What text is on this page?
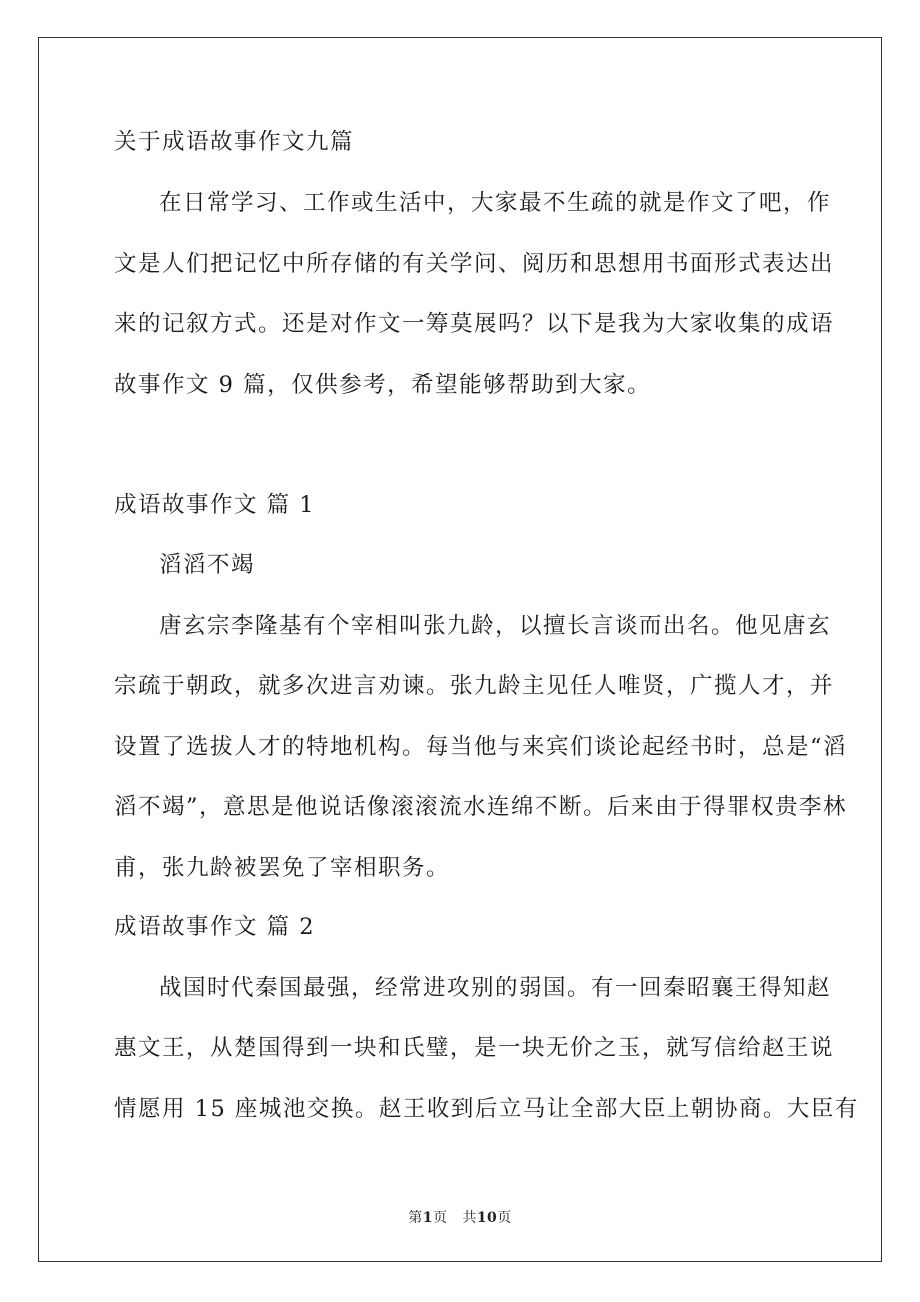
关于成语故事作文九篇
在日常学习、工作或生活中，大家最不生疏的就是作文了吧，作
文是人们把记忆中所存储的有关学问、阅历和思想用书面形式表达出
来的记叙方式。还是对作文一筹莫展吗？以下是我为大家收集的成语
故事作文 9 篇，仅供参考，希望能够帮助到大家。
成语故事作文 篇 1
滔滔不竭
唐玄宗李隆基有个宰相叫张九龄，以擅长言谈而出名。他见唐玄
宗疏于朝政，就多次进言劝谏。张九龄主见任人唯贤，广揽人才，并
设置了选拔人才的特地机构。每当他与来宾们谈论起经书时，总是“滔
滔不竭”，意思是他说话像滚滚流水连绵不断。后来由于得罪权贵李林
甫，张九龄被罢免了宰相职务。
成语故事作文 篇 2
战国时代秦国最强，经常进攻别的弱国。有一回秦昭襄王得知赵
惠文王，从楚国得到一块和氏璧，是一块无价之玉，就写信给赵王说
情愿用 15 座城池交换。赵王收到后立马让全部大臣上朝协商。大臣有
第1页 共10页
